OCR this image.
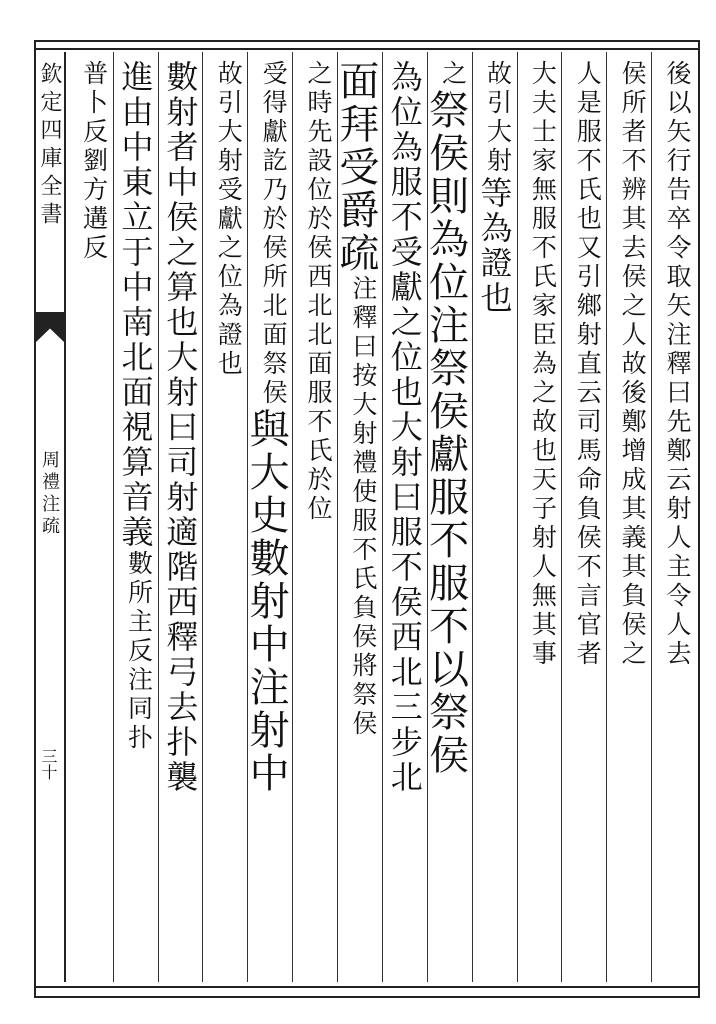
欽定四庫全書
周禮注疏
三十
後以矢行告卒令取矢注釋曰先鄭云射人主令人去
侯所者不辨其去侯之人故後鄭增成其義其負侯之
人是服不氏也又引鄉射直云司馬命負侯不言官者
大夫士家無服不氏家臣為之故也天子射人無其事
故引大射
等為證也
之
祭侯則為位注祭侯獻服不服不以祭侯
為位為服不受獻之位也大射曰服不侯西北三步北
面拜受爵疏
注釋曰按大射禮使服不氏負侯將祭侯
之時先設位於侯西北北面服不氏於位
受得獻訖乃於侯所北面祭侯
與大史數射中注射中
故引大射受獻之位為證也
數射者中侯之算也大射曰司射適階西釋弓去扑襲
進由中東立于中南北面視算音義
數所主反注同扑
普卜反劉方遘反
